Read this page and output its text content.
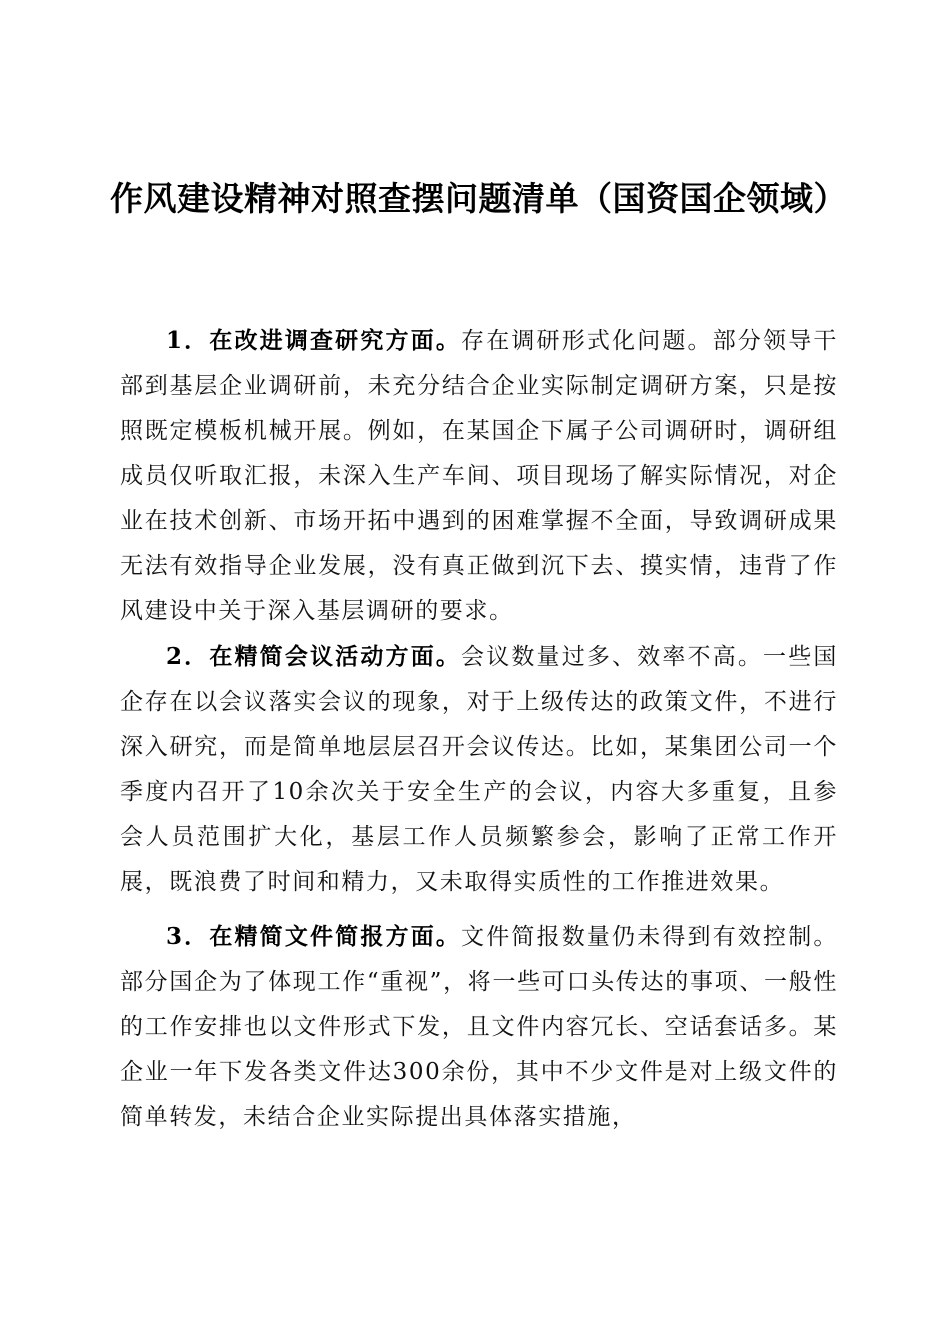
作风建设精神对照查摆问题清单（国资国企领域）

1．在改进调查研究方面。存在调研形式化问题。部分领导干部到基层企业调研前，未充分结合企业实际制定调研方案，只是按照既定模板机械开展。例如，在某国企下属子公司调研时，调研组成员仅听取汇报，未深入生产车间、项目现场了解实际情况，对企业在技术创新、市场开拓中遇到的困难掌握不全面，导致调研成果无法有效指导企业发展，没有真正做到沉下去、摸实情，违背了作风建设中关于深入基层调研的要求。

2．在精简会议活动方面。会议数量过多、效率不高。一些国企存在以会议落实会议的现象，对于上级传达的政策文件，不进行深入研究，而是简单地层层召开会议传达。比如，某集团公司一个季度内召开了10余次关于安全生产的会议，内容大多重复，且参会人员范围扩大化，基层工作人员频繁参会，影响了正常工作开展，既浪费了时间和精力，又未取得实质性的工作推进效果。

3．在精简文件简报方面。文件简报数量仍未得到有效控制。部分国企为了体现工作“重视”，将一些可口头传达的事项、一般性的工作安排也以文件形式下发，且文件内容冗长、空话套话多。某企业一年下发各类文件达300余份，其中不少文件是对上级文件的简单转发，未结合企业实际提出具体落实措施，
